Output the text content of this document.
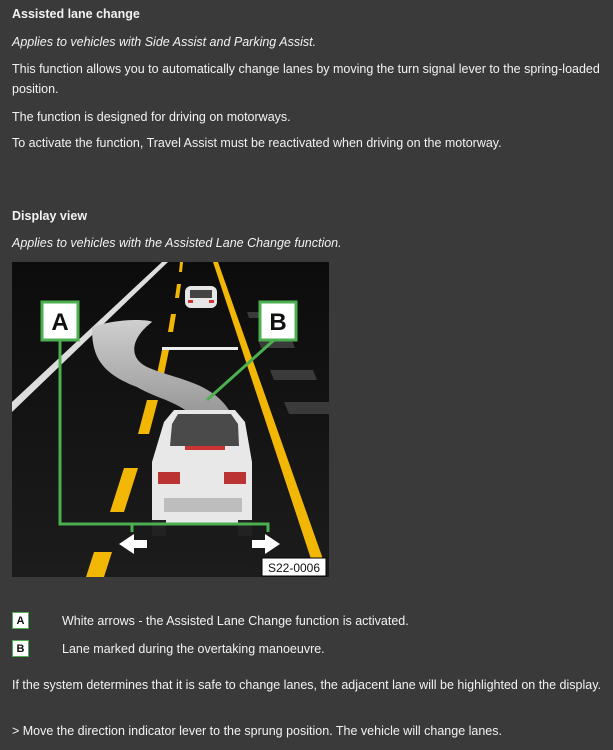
Assisted lane change
Applies to vehicles with Side Assist and Parking Assist.
This function allows you to automatically change lanes by moving the turn signal lever to the spring-loaded position.
The function is designed for driving on motorways.
To activate the function, Travel Assist must be reactivated when driving on the motorway.
Display view
Applies to vehicles with the Assisted Lane Change function.
A	B
S22-0006
A	White arrows - the Assisted Lane Change function is activated.
B	Lane marked during the overtaking manoeuvre.
If the system determines that it is safe to change lanes, the adjacent lane will be highlighted on the display.
> Move the direction indicator lever to the sprung position. The vehicle will change lanes.
